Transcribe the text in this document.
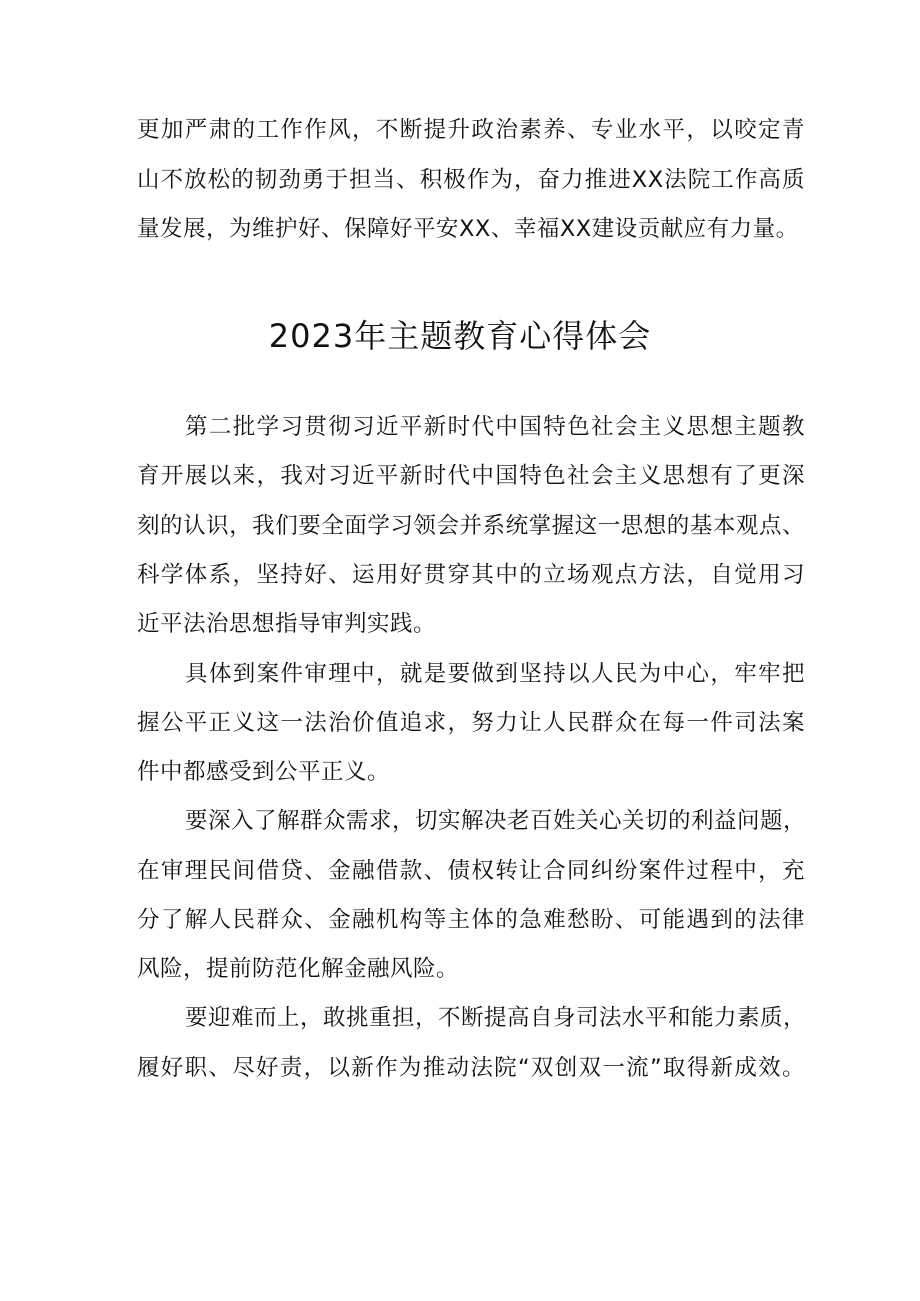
更加严肃的工作作风，不断提升政治素养、专业水平，以咬定青
山不放松的韧劲勇于担当、积极作为，奋力推进XX法院工作高质
量发展，为维护好、保障好平安XX、幸福XX建设贡献应有力量。
2023年主题教育心得体会
第二批学习贯彻习近平新时代中国特色社会主义思想主题教
育开展以来，我对习近平新时代中国特色社会主义思想有了更深
刻的认识，我们要全面学习领会并系统掌握这一思想的基本观点、
科学体系，坚持好、运用好贯穿其中的立场观点方法，自觉用习
近平法治思想指导审判实践。
具体到案件审理中，就是要做到坚持以人民为中心，牢牢把
握公平正义这一法治价值追求，努力让人民群众在每一件司法案
件中都感受到公平正义。
要深入了解群众需求，切实解决老百姓关心关切的利益问题，
在审理民间借贷、金融借款、债权转让合同纠纷案件过程中，充
分了解人民群众、金融机构等主体的急难愁盼、可能遇到的法律
风险，提前防范化解金融风险。
要迎难而上，敢挑重担，不断提高自身司法水平和能力素质，
履好职、尽好责，以新作为推动法院“双创双一流”取得新成效。
